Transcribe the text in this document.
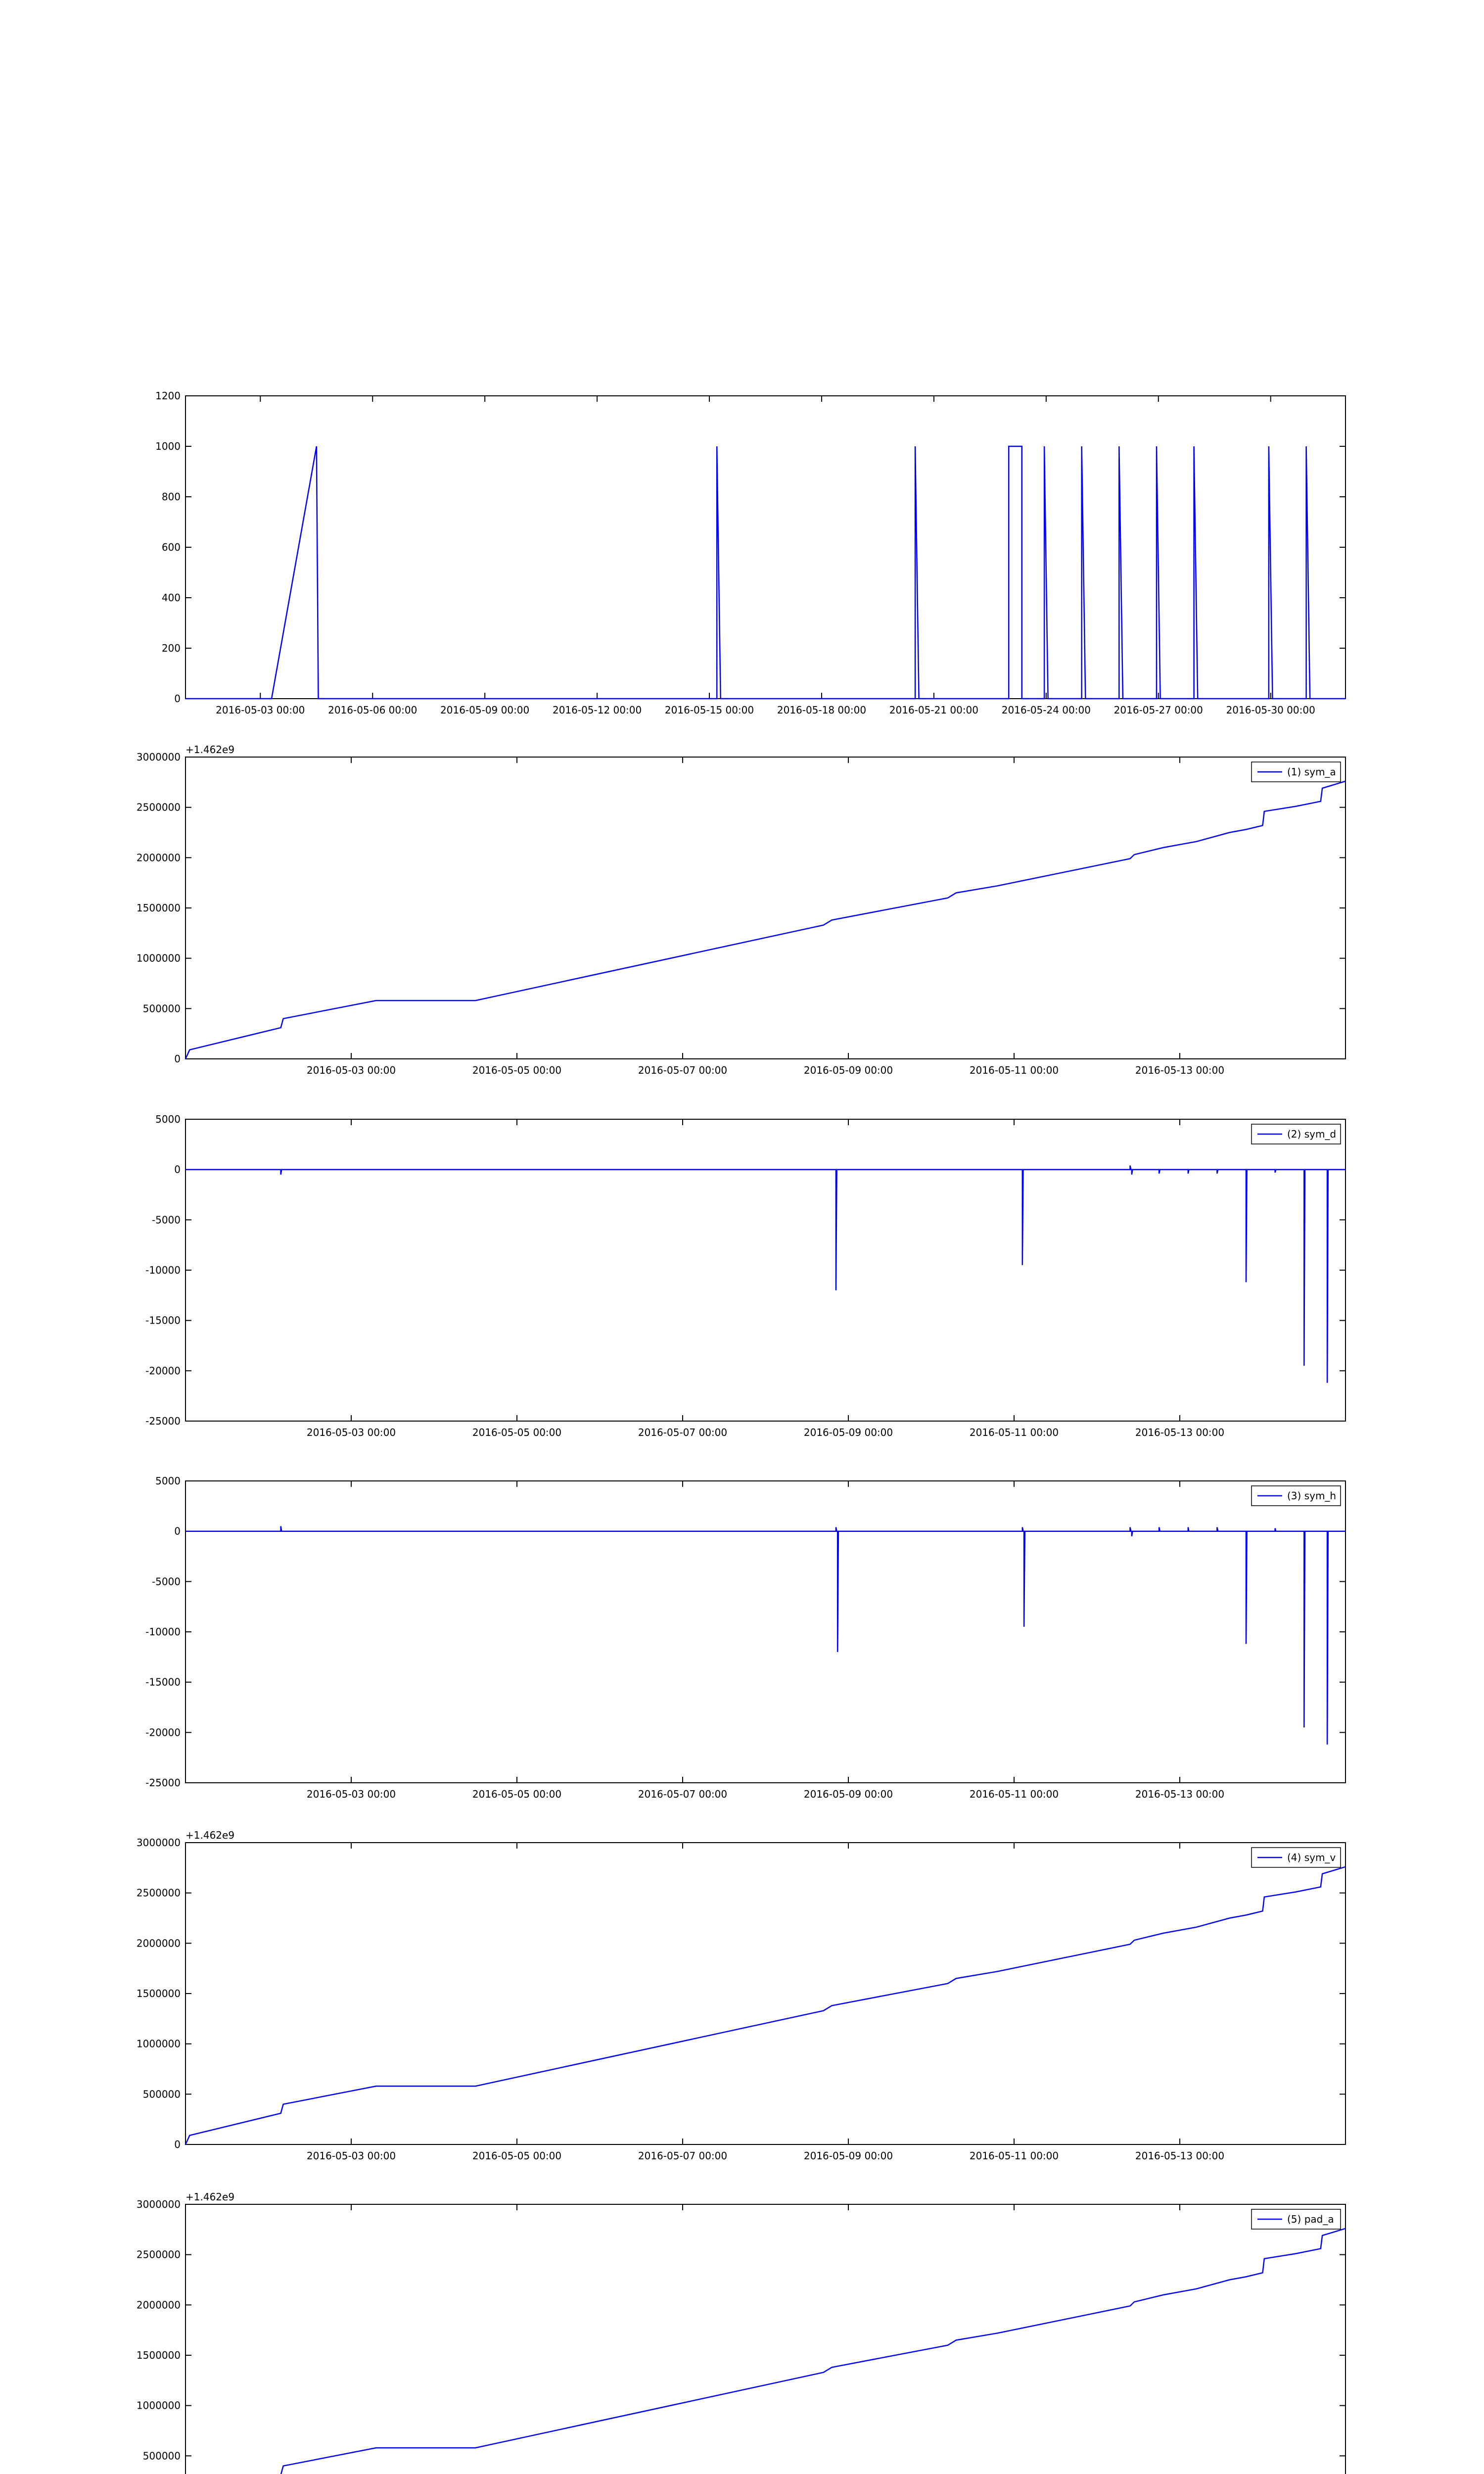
0
200
400
600
800
1000
1200
2016-05-03 00:00 2016-05-06 00:00 2016-05-09 00:00 2016-05-12 00:00 2016-05-15 00:00 2016-05-18 00:00 2016-05-21 00:00 2016-05-24 00:00 2016-05-27 00:00 2016-05-30 00:00
0
500000
1000000
1500000
2000000
2500000
3000000
2016-05-03 00:00	2016-05-05 00:00	2016-05-07 00:00	2016-05-09 00:00	2016-05-11 00:00	2016-05-13 00:00
+1.462e9
(1) sym_a
-25000
-20000
-15000
-10000
-5000
0
5000
2016-05-03 00:00	2016-05-05 00:00	2016-05-07 00:00	2016-05-09 00:00	2016-05-11 00:00	2016-05-13 00:00
(2) sym_d
-25000
-20000
-15000
-10000
-5000
0
5000
2016-05-03 00:00	2016-05-05 00:00	2016-05-07 00:00	2016-05-09 00:00	2016-05-11 00:00	2016-05-13 00:00
(3) sym_h
0
500000
1000000
1500000
2000000
2500000
3000000
2016-05-03 00:00	2016-05-05 00:00	2016-05-07 00:00	2016-05-09 00:00	2016-05-11 00:00	2016-05-13 00:00
+1.462e9
(4) sym_v
500000
1000000
1500000
2000000
2500000
3000000
+1.462e9
(5) pad_a
